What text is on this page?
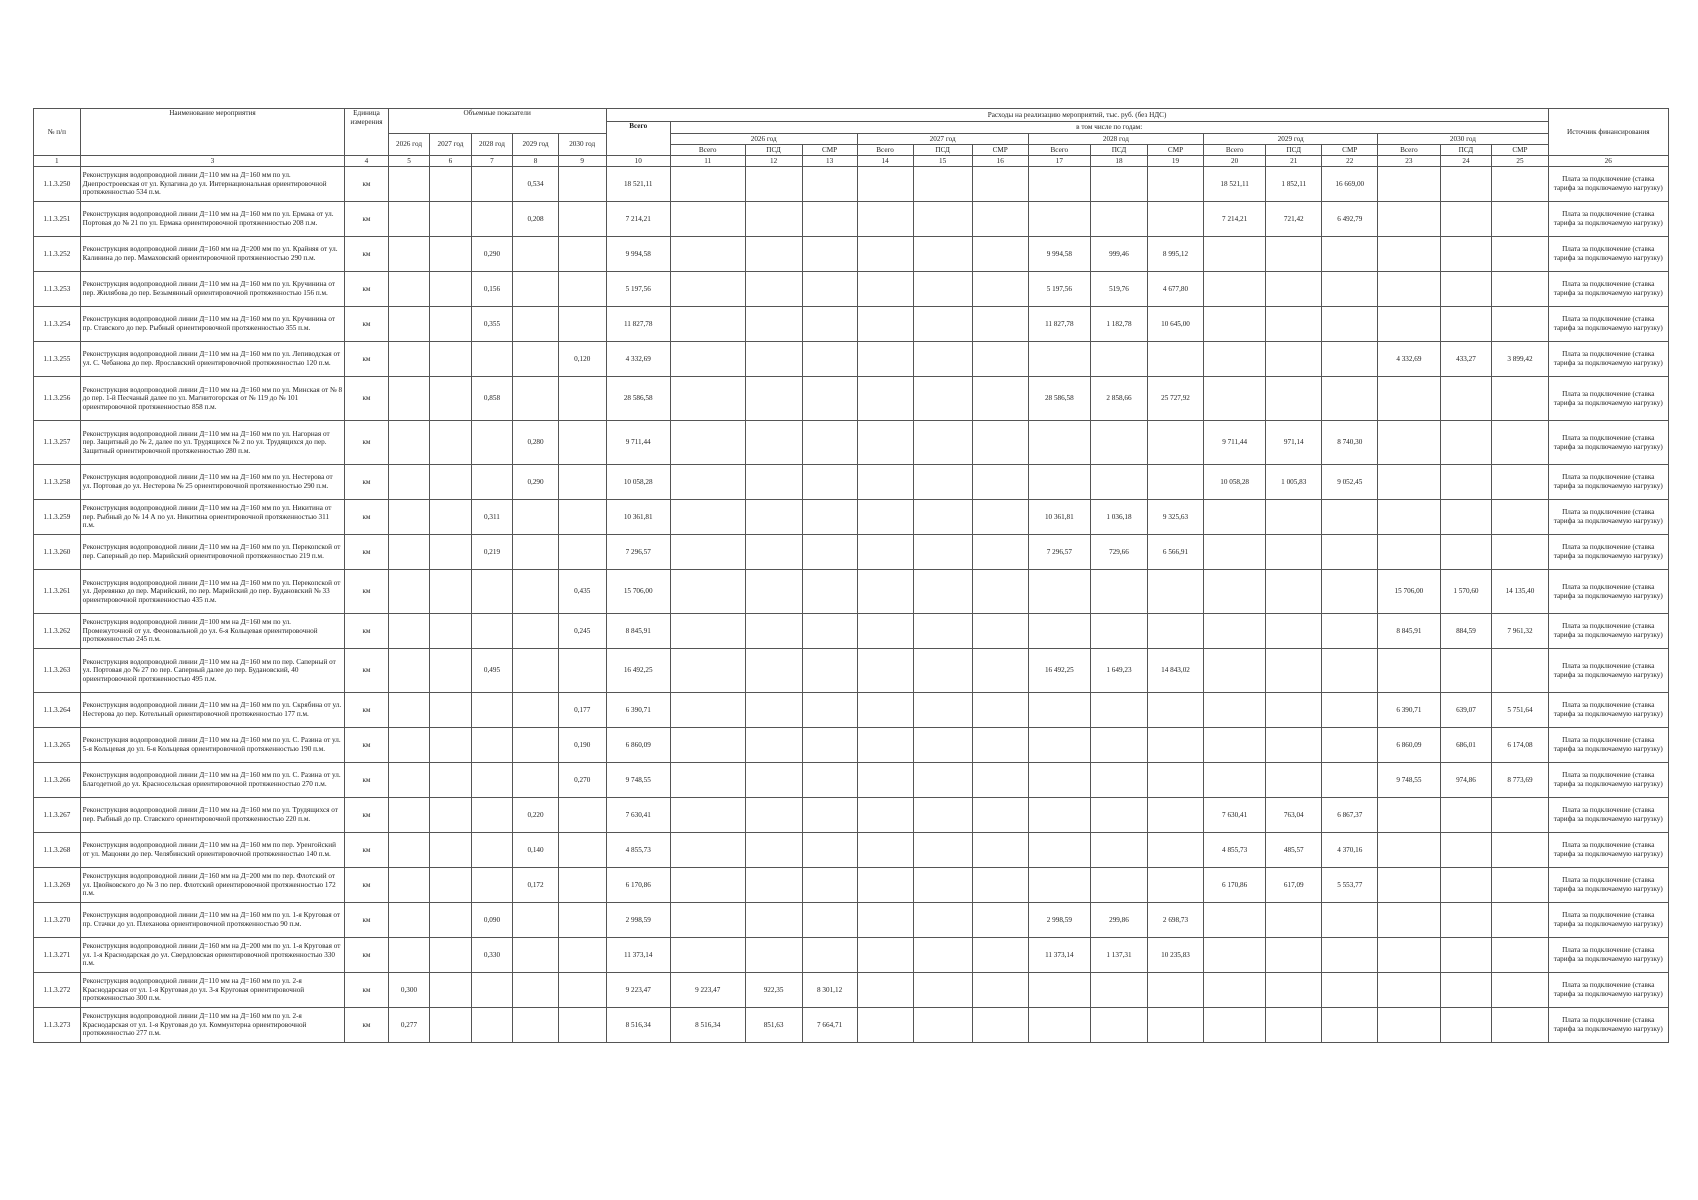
№ п/п	Наименование мероприятия	Единица измерения	Объемные показатели					Расходы на реализацию мероприятий, тыс. руб. (без НДС)																Источник финансирования
								Всего	в том числе по годам:															
			2026 год	2027 год	2028 год	2029 год	2030 год		2026 год			2027 год			2028 год			2029 год			2030 год			
									Всего	ПСД	СМР	Всего	ПСД	СМР	Всего	ПСД	СМР	Всего	ПСД	СМР	Всего	ПСД	СМР	
1	3	4	5	6	7	8	9	10	11	12	13	14	15	16	17	18	19	20	21	22	23	24	25	26
1.1.3.250	Реконструкция водопроводной линии Д=110 мм на Д=160 мм по ул. Днепростроевская от ул. Кулагина до ул. Интернациональная ориентировочной протяженностью 534 п.м.	км				0,534		18 521,11										18 521,11	1 852,11	16 669,00				Плата за подключение (ставка тарифа за подключаемую нагрузку)
1.1.3.251	Реконструкция водопроводной линии Д=110 мм на Д=160 мм по ул. Ермака от ул. Портовая до № 21 по ул. Ермака ориентировочной протяженностью 208 п.м.	км				0,208		7 214,21										7 214,21	721,42	6 492,79				Плата за подключение (ставка тарифа за подключаемую нагрузку)
1.1.3.252	Реконструкция водопроводной линии Д=160 мм на Д=200 мм по ул. Крайняя от ул. Калинина до пер. Мамаховский ориентировочной протяженностью 290 п.м.	км			0,290			9 994,58							9 994,58	999,46	8 995,12							Плата за подключение (ставка тарифа за подключаемую нагрузку)
1.1.3.253	Реконструкция водопроводной линии Д=110 мм на Д=160 мм по ул. Кручинина от пер. Жилябова до пер. Безымянный ориентировочной протяженностью 156 п.м.	км			0,156			5 197,56							5 197,56	519,76	4 677,80							Плата за подключение (ставка тарифа за подключаемую нагрузку)
1.1.3.254	Реконструкция водопроводной линии Д=110 мм на Д=160 мм по ул. Кручинина от пр. Ставского до пер. Рыбный ориентировочной протяженностью 355 п.м.	км			0,355			11 827,78							11 827,78	1 182,78	10 645,00							Плата за подключение (ставка тарифа за подключаемую нагрузку)
1.1.3.255	Реконструкция водопроводной линии Д=110 мм на Д=160 мм по ул. Лепиводская от ул. С. Чебанова до пер. Ярославский ориентировочной протяженностью 120 п.м.	км					0,120	4 332,69													4 332,69	433,27	3 899,42	Плата за подключение (ставка тарифа за подключаемую нагрузку)
1.1.3.256	Реконструкция водопроводной линии Д=110 мм на Д=160 мм по ул. Минская от № 8 до пер. 1-й Песчаный далее по ул. Магнитогорская от № 119 до № 101 ориентировочной протяженностью 858 п.м.	км			0,858			28 586,58							28 586,58	2 858,66	25 727,92							Плата за подключение (ставка тарифа за подключаемую нагрузку)
1.1.3.257	Реконструкция водопроводной линии Д=110 мм на Д=160 мм по ул. Нагорная от пер. Защитный до № 2, далее по ул. Трудящихся № 2 по ул. Трудящихся до пер. Защитный ориентировочной протяженностью 280 п.м.	км				0,280		9 711,44										9 711,44	971,14	8 740,30				Плата за подключение (ставка тарифа за подключаемую нагрузку)
1.1.3.258	Реконструкция водопроводной линии Д=110 мм на Д=160 мм по ул. Нестерова от ул. Портовая до ул. Нестерова № 25 ориентировочной протяженностью 290 п.м.	км				0,290		10 058,28										10 058,28	1 005,83	9 052,45				Плата за подключение (ставка тарифа за подключаемую нагрузку)
1.1.3.259	Реконструкция водопроводной линии Д=110 мм на Д=160 мм по ул. Никитина от пер. Рыбный до № 14 А по ул. Никитина ориентировочной протяженностью 311 п.м.	км			0,311			10 361,81							10 361,81	1 036,18	9 325,63							Плата за подключение (ставка тарифа за подключаемую нагрузку)
1.1.3.260	Реконструкция водопроводной линии Д=110 мм на Д=160 мм по ул. Перекопской от пер. Саперный до пер. Марийский ориентировочной протяженностью 219 п.м.	км			0,219			7 296,57							7 296,57	729,66	6 566,91							Плата за подключение (ставка тарифа за подключаемую нагрузку)
1.1.3.261	Реконструкция водопроводной линии Д=110 мм на Д=160 мм по ул. Перекопской от ул. Деревянко до пер. Марийский, по пер. Марийский до пер. Будановский № 33 ориентировочной протяженностью 435 п.м.	км					0,435	15 706,00													15 706,00	1 570,60	14 135,40	Плата за подключение (ставка тарифа за подключаемую нагрузку)
1.1.3.262	Реконструкция водопроводной линии Д=100 мм на Д=160 мм по ул. Промежуточной от ул. Феоновальной до ул. 6-я Кольцевая ориентировочной протяженностью 245 п.м.	км					0,245	8 845,91													8 845,91	884,59	7 961,32	Плата за подключение (ставка тарифа за подключаемую нагрузку)
1.1.3.263	Реконструкция водопроводной линии Д=110 мм на Д=160 мм по пер. Саперный от ул. Портовая до № 27 по пер. Саперный далее до пер. Будановский, 40 ориентировочной протяженностью 495 п.м.	км			0,495			16 492,25							16 492,25	1 649,23	14 843,02							Плата за подключение (ставка тарифа за подключаемую нагрузку)
1.1.3.264	Реконструкция водопроводной линии Д=110 мм на Д=160 мм по ул. Скрябина от ул. Нестерова до пер. Котельный ориентировочной протяженностью 177 п.м.	км					0,177	6 390,71													6 390,71	639,07	5 751,64	Плата за подключение (ставка тарифа за подключаемую нагрузку)
1.1.3.265	Реконструкция водопроводной линии Д=110 мм на Д=160 мм по ул. С. Разина от ул. 5-я Кольцевая до ул. 6-я Кольцевая ориентировочной протяженностью 190 п.м.	км					0,190	6 860,09													6 860,09	686,01	6 174,08	Плата за подключение (ставка тарифа за подключаемую нагрузку)
1.1.3.266	Реконструкция водопроводной линии Д=110 мм на Д=160 мм по ул. С. Разина от ул. Благодетной до ул. Красносельская ориентировочной протяженностью 270 п.м.	км					0,270	9 748,55													9 748,55	974,86	8 773,69	Плата за подключение (ставка тарифа за подключаемую нагрузку)
1.1.3.267	Реконструкция водопроводной линии Д=110 мм на Д=160 мм по ул. Трудящихся от пер. Рыбный до пр. Ставского ориентировочной протяженностью 220 п.м.	км				0,220		7 630,41										7 630,41	763,04	6 867,37				Плата за подключение (ставка тарифа за подключаемую нагрузку)
1.1.3.268	Реконструкция водопроводной линии Д=110 мм на Д=160 мм по пер. Уренгойский от ул. Мацоняи до пер. Челябинский ориентировочной протяженностью 140 п.м.	км				0,140		4 855,73										4 855,73	485,57	4 370,16				Плата за подключение (ставка тарифа за подключаемую нагрузку)
1.1.3.269	Реконструкция водопроводной линии Д=160 мм на Д=200 мм по пер. Флотский от ул. Цвойковского до № 3 по пер. Флотский ориентировочной протяженностью 172 п.м.	км				0,172		6 170,86										6 170,86	617,09	5 553,77				Плата за подключение (ставка тарифа за подключаемую нагрузку)
1.1.3.270	Реконструкция водопроводной линии Д=110 мм на Д=160 мм по ул. 1-я Круговая от пр. Стачки до ул. Плеханова ориентировочной протяженностью 90 п.м.	км			0,090			2 998,59							2 998,59	299,86	2 698,73							Плата за подключение (ставка тарифа за подключаемую нагрузку)
1.1.3.271	Реконструкция водопроводной линии Д=160 мм на Д=200 мм по ул. 1-я Круговая от ул. 1-я Краснодарская до ул. Свердловская ориентировочной протяженностью 330 п.м.	км			0,330			11 373,14							11 373,14	1 137,31	10 235,83							Плата за подключение (ставка тарифа за подключаемую нагрузку)
1.1.3.272	Реконструкция водопроводной линии Д=110 мм на Д=160 мм по ул. 2-я Краснодарская от ул. 1-я Круговая до ул. 3-я Круговая ориентировочной протяженностью 300 п.м.	км	0,300					9 223,47	9 223,47	922,35	8 301,12													Плата за подключение (ставка тарифа за подключаемую нагрузку)
1.1.3.273	Реконструкция водопроводной линии Д=110 мм на Д=160 мм по ул. 2-я Краснодарская от ул. 1-я Круговая до ул. Коммунтерна ориентировочной протяженностью 277 п.м.	км	0,277					8 516,34	8 516,34	851,63	7 664,71													Плата за подключение (ставка тарифа за подключаемую нагрузку)
